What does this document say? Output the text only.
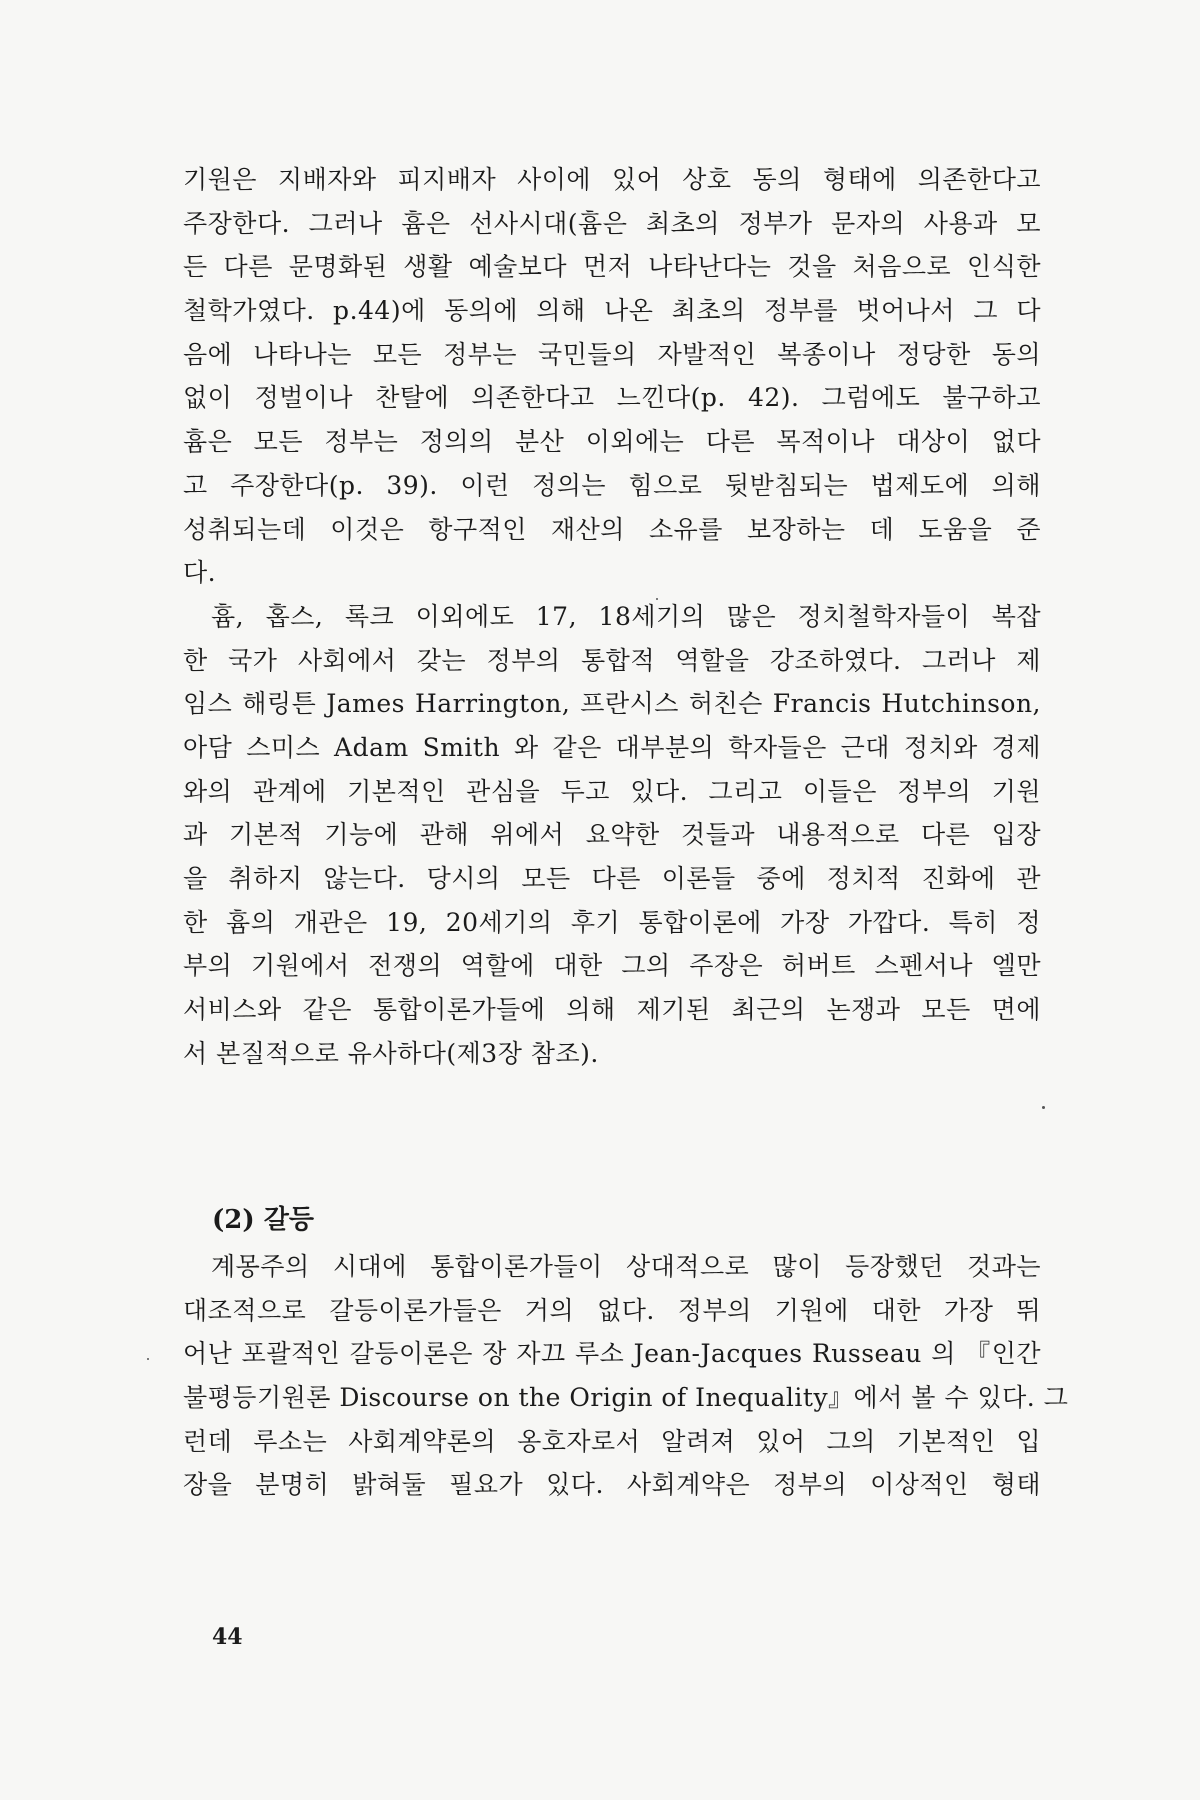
기원은 지배자와 피지배자 사이에 있어 상호 동의 형태에 의존한다고
주장한다. 그러나 흄은 선사시대(흄은 최초의 정부가 문자의 사용과 모
든 다른 문명화된 생활 예술보다 먼저 나타난다는 것을 처음으로 인식한
철학가였다. p.44)에 동의에 의해 나온 최초의 정부를 벗어나서 그 다
음에 나타나는 모든 정부는 국민들의 자발적인 복종이나 정당한 동의
없이 정벌이나 찬탈에 의존한다고 느낀다(p. 42). 그럼에도 불구하고
흄은 모든 정부는 정의의 분산 이외에는 다른 목적이나 대상이 없다
고 주장한다(p. 39). 이런 정의는 힘으로 뒷받침되는 법제도에 의해
성취되는데 이것은 항구적인 재산의 소유를 보장하는 데 도움을 준
다.
흄, 홉스, 록크 이외에도 17, 18세기의 많은 정치철학자들이 복잡
한 국가 사회에서 갖는 정부의 통합적 역할을 강조하였다. 그러나 제
임스 해링튼 James Harrington, 프란시스 허친슨 Francis Hutchinson,
아담 스미스 Adam Smith 와 같은 대부분의 학자들은 근대 정치와 경제
와의 관계에 기본적인 관심을 두고 있다. 그리고 이들은 정부의 기원
과 기본적 기능에 관해 위에서 요약한 것들과 내용적으로 다른 입장
을 취하지 않는다. 당시의 모든 다른 이론들 중에 정치적 진화에 관
한 흄의 개관은 19, 20세기의 후기 통합이론에 가장 가깝다. 특히 정
부의 기원에서 전쟁의 역할에 대한 그의 주장은 허버트 스펜서나 엘만
서비스와 같은 통합이론가들에 의해 제기된 최근의 논쟁과 모든 면에
서 본질적으로 유사하다(제3장 참조).
(2) 갈등
계몽주의 시대에 통합이론가들이 상대적으로 많이 등장했던 것과는
대조적으로 갈등이론가들은 거의 없다. 정부의 기원에 대한 가장 뛰
어난 포괄적인 갈등이론은 장 자끄 루소 Jean-Jacques Russeau 의 『인간
불평등기원론 Discourse on the Origin of Inequality』에서 볼 수 있다. 그
런데 루소는 사회계약론의 옹호자로서 알려져 있어 그의 기본적인 입
장을 분명히 밝혀둘 필요가 있다. 사회계약은 정부의 이상적인 형태
44
